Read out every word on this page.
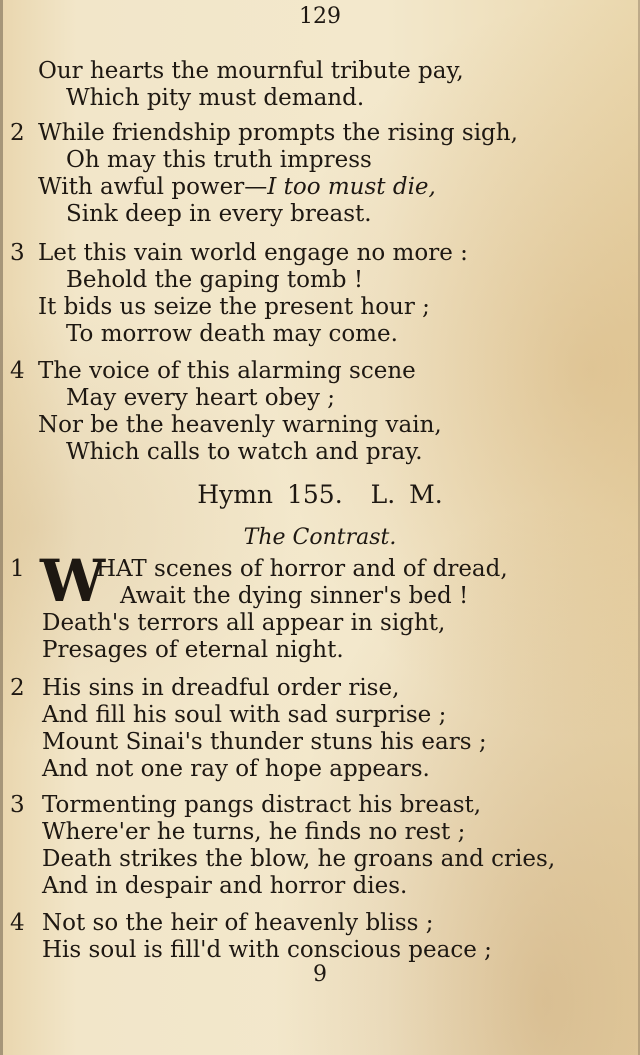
129
Our hearts the mournful tribute pay,
Which pity must demand.
2 While friendship prompts the rising sigh,
Oh may this truth impress
With awful power—I too must die,
Sink deep in every breast.
3 Let this vain world engage no more :
Behold the gaping tomb !
It bids us seize the present hour ;
To morrow death may come.
4 The voice of this alarming scene
May every heart obey ;
Nor be the heavenly warning vain,
Which calls to watch and pray.
Hymn 155. L. M.
The Contrast.
1 W
HAT scenes of horror and of dread,
Await the dying sinner's bed !
Death's terrors all appear in sight,
Presages of eternal night.
2 His sins in dreadful order rise,
And fill his soul with sad surprise ;
Mount Sinai's thunder stuns his ears ;
And not one ray of hope appears.
3 Tormenting pangs distract his breast,
Where'er he turns, he finds no rest ;
Death strikes the blow, he groans and cries,
And in despair and horror dies.
4 Not so the heir of heavenly bliss ;
His soul is fill'd with conscious peace ;
9
